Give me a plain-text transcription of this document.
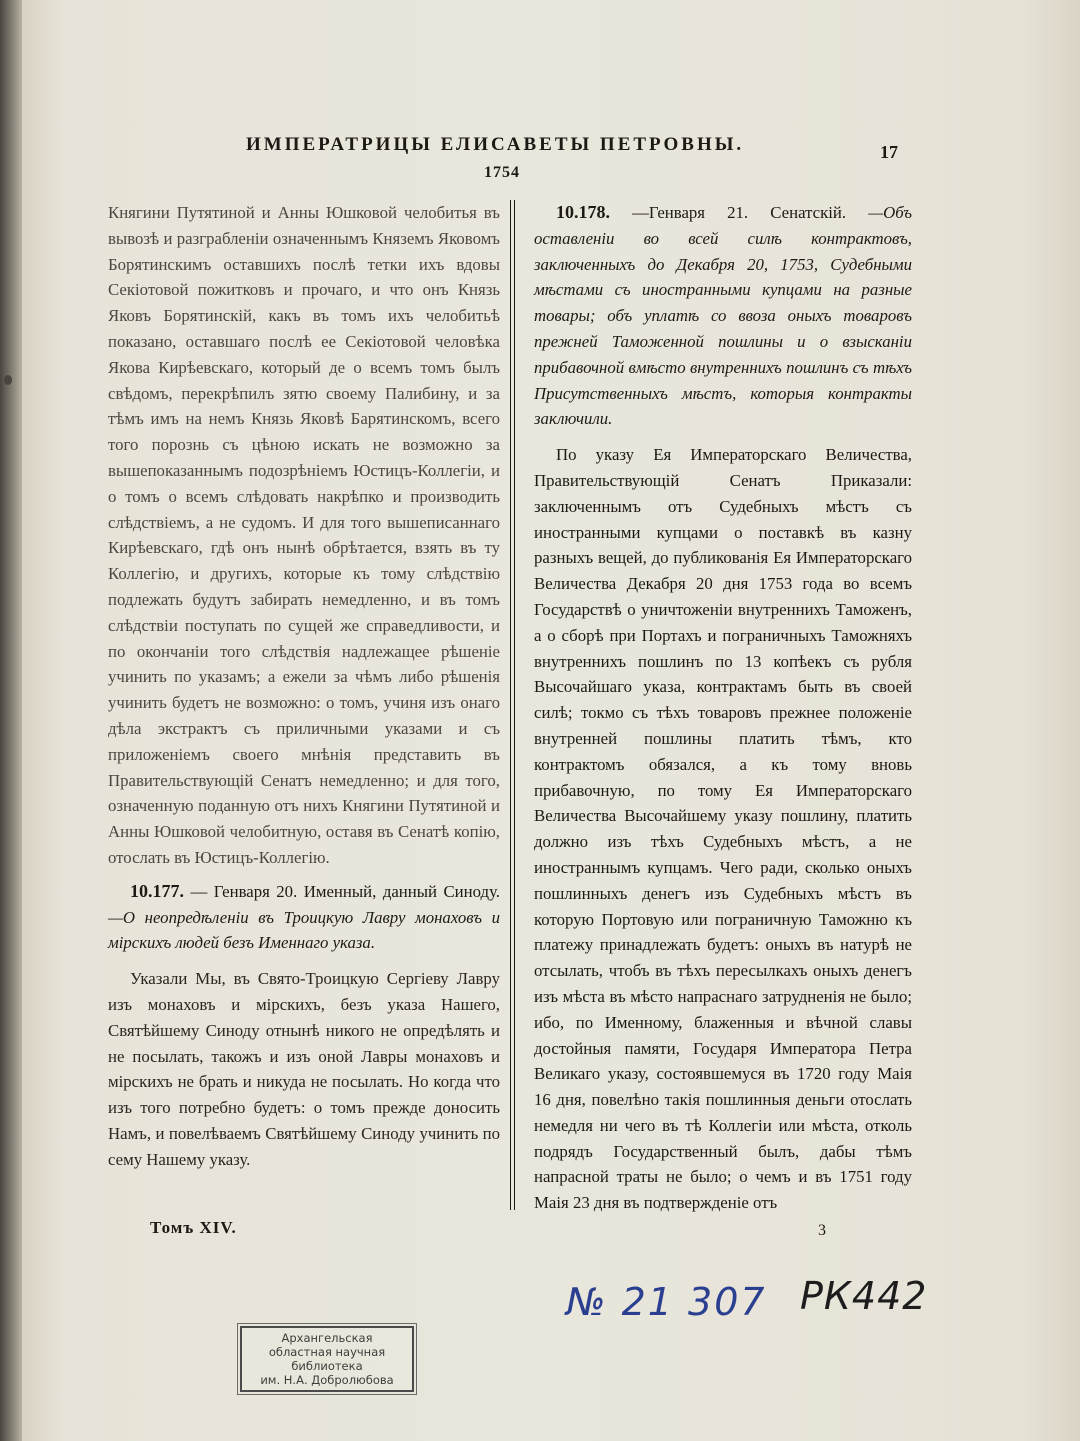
ИМПЕРАТРИЦЫ ЕЛИСАВЕТЫ ПЕТРОВНЫ.	17
1754

Княгини Путятиной и Анны Юшковой челобитья въ вывозѣ и разграбленіи означеннымъ Княземъ Яковомъ Борятинскимъ оставшихъ послѣ тетки ихъ вдовы Секіотовой пожитковъ и прочаго, и что онъ Князь Яковъ Борятинскій, какъ въ томъ ихъ челобитьѣ показано, оставшаго послѣ ее Секіотовой человѣка Якова Кирѣевскаго, который де о всемъ томъ былъ свѣдомъ, перекрѣпилъ зятю своему Палибину, и за тѣмъ имъ на немъ Князь Яковѣ Барятинскомъ, всего того порознь съ цѣною искать не возможно за вышепоказаннымъ подозрѣніемъ Юстицъ-Коллегіи, и о томъ о всемъ слѣдовать накрѣпко и производить слѣдствіемъ, а не судомъ. И для того вышеписаннаго Кирѣевскаго, гдѣ онъ нынѣ обрѣтается, взять въ ту Коллегію, и другихъ, которые къ тому слѣдствію подлежать будутъ забирать немедленно, и въ томъ слѣдствіи поступать по сущей же справедливости, и по окончаніи того слѣдствія надлежащее рѣшеніе учинить по указамъ; а ежели за чѣмъ либо рѣшенія учинить будетъ не возможно: о томъ, учиня изъ онаго дѣла экстрактъ съ приличными указами и съ приложеніемъ своего мнѣнія представить въ Правительствующій Сенатъ немедленно; и для того, означенную поданную отъ нихъ Княгини Путятиной и Анны Юшковой челобитную, оставя въ Сенатѣ копію, отослать въ Юстицъ-Коллегію.

10.177. — Генваря 20. Именный, данный Синоду. —О неопредѣленіи въ Троицкую Лавру монаховъ и мірскихъ людей безъ Именнаго указа.

Указали Мы, въ Свято-Троицкую Сергіеву Лавру изъ монаховъ и мірскихъ, безъ указа Нашего, Святѣйшему Синоду отнынѣ никого не опредѣлять и не посылать, такожъ и изъ оной Лавры монаховъ и мірскихъ не брать и никуда не посылать. Но когда что изъ того потребно будетъ: о томъ прежде доносить Намъ, и повелѣваемъ Святѣйшему Синоду учинить по сему Нашему указу.

10.178. —Генваря 21. Сенатскій. —Объ оставленіи во всей силѣ контрактовъ, заключенныхъ до Декабря 20, 1753, Судебными мѣстами съ иностранными купцами на разные товары; объ уплатѣ со ввоза оныхъ товаровъ прежней Таможенной пошлины и о взысканіи прибавочной вмѣсто внутреннихъ пошлинъ съ тѣхъ Присутственныхъ мѣстъ, которыя контракты заключили.

По указу Ея Императорскаго Величества, Правительствующій Сенатъ Приказали: заключеннымъ отъ Судебныхъ мѣстъ съ иностранными купцами о поставкѣ въ казну разныхъ вещей, до публикованія Ея Императорскаго Величества Декабря 20 дня 1753 года во всемъ Государствѣ о уничтоженіи внутреннихъ Таможенъ, а о сборѣ при Портахъ и пограничныхъ Таможняхъ внутреннихъ пошлинъ по 13 копѣекъ съ рубля Высочайшаго указа, контрактамъ быть въ своей силѣ; токмо съ тѣхъ товаровъ прежнее положеніе внутренней пошлины платить тѣмъ, кто контрактомъ обязался, а къ тому вновь прибавочную, по тому Ея Императорскаго Величества Высочайшему указу пошлину, платить должно изъ тѣхъ Судебныхъ мѣстъ, а не иностраннымъ купцамъ. Чего ради, сколько оныхъ пошлинныхъ денегъ изъ Судебныхъ мѣстъ въ которую Портовую или пограничную Таможню къ платежу принадлежать будетъ: оныхъ въ натурѣ не отсылать, чтобъ въ тѣхъ пересылкахъ оныхъ денегъ изъ мѣста въ мѣсто напраснаго затрудненія не было; ибо, по Именному, блаженныя и вѣчной славы достойныя памяти, Государя Императора Петра Великаго указу, состоявшемуся въ 1720 году Маія 16 дня, повелѣно такія пошлинныя деньги отослать немедля ни чего въ тѣ Коллегіи или мѣста, отколь подрядъ Государственный былъ, дабы тѣмъ напрасной траты не было; о чемъ и въ 1751 году Маія 23 дня въ подтвержденіе отъ

Томъ XIV.	3
№ 21 307 РК442
Архангельская
областная научная
библиотека
им. Н.А. Добролюбова
